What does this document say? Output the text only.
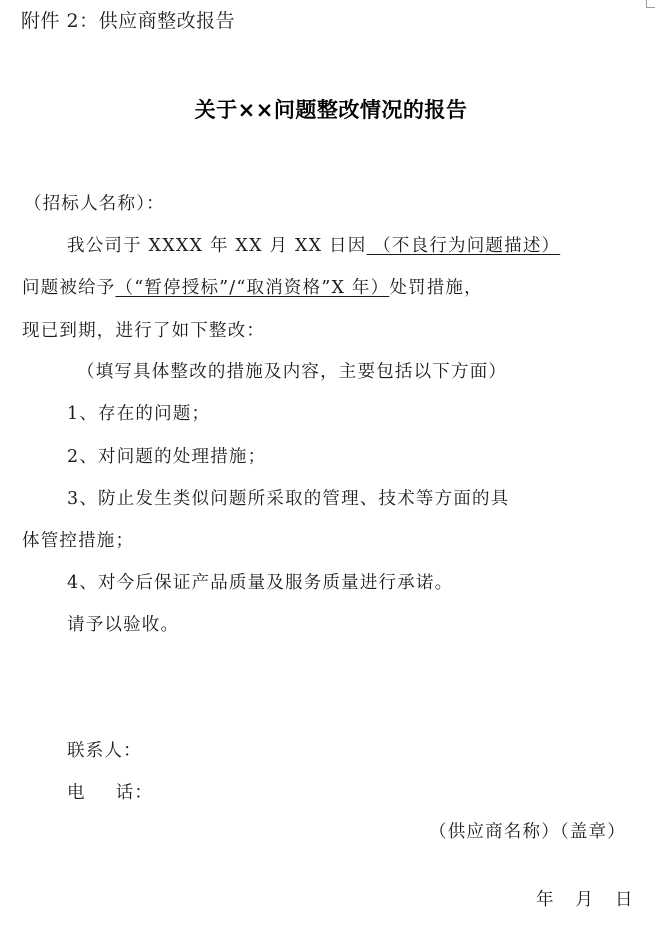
附件 2：供应商整改报告
关于××问题整改情况的报告
（招标人名称）：
我公司于 XXXX 年 XX 月 XX 日因 （不良行为问题描述）
问题被给予（“暂停授标”/“取消资格”X 年）处罚措施，
现已到期，进行了如下整改：
（填写具体整改的措施及内容，主要包括以下方面）
1、存在的问题；
2、对问题的处理措施；
3、防止发生类似问题所采取的管理、技术等方面的具
体管控措施；
4、对今后保证产品质量及服务质量进行承诺。
请予以验收。
联系人：
电 话：
（供应商名称）（盖章）
年 月 日
